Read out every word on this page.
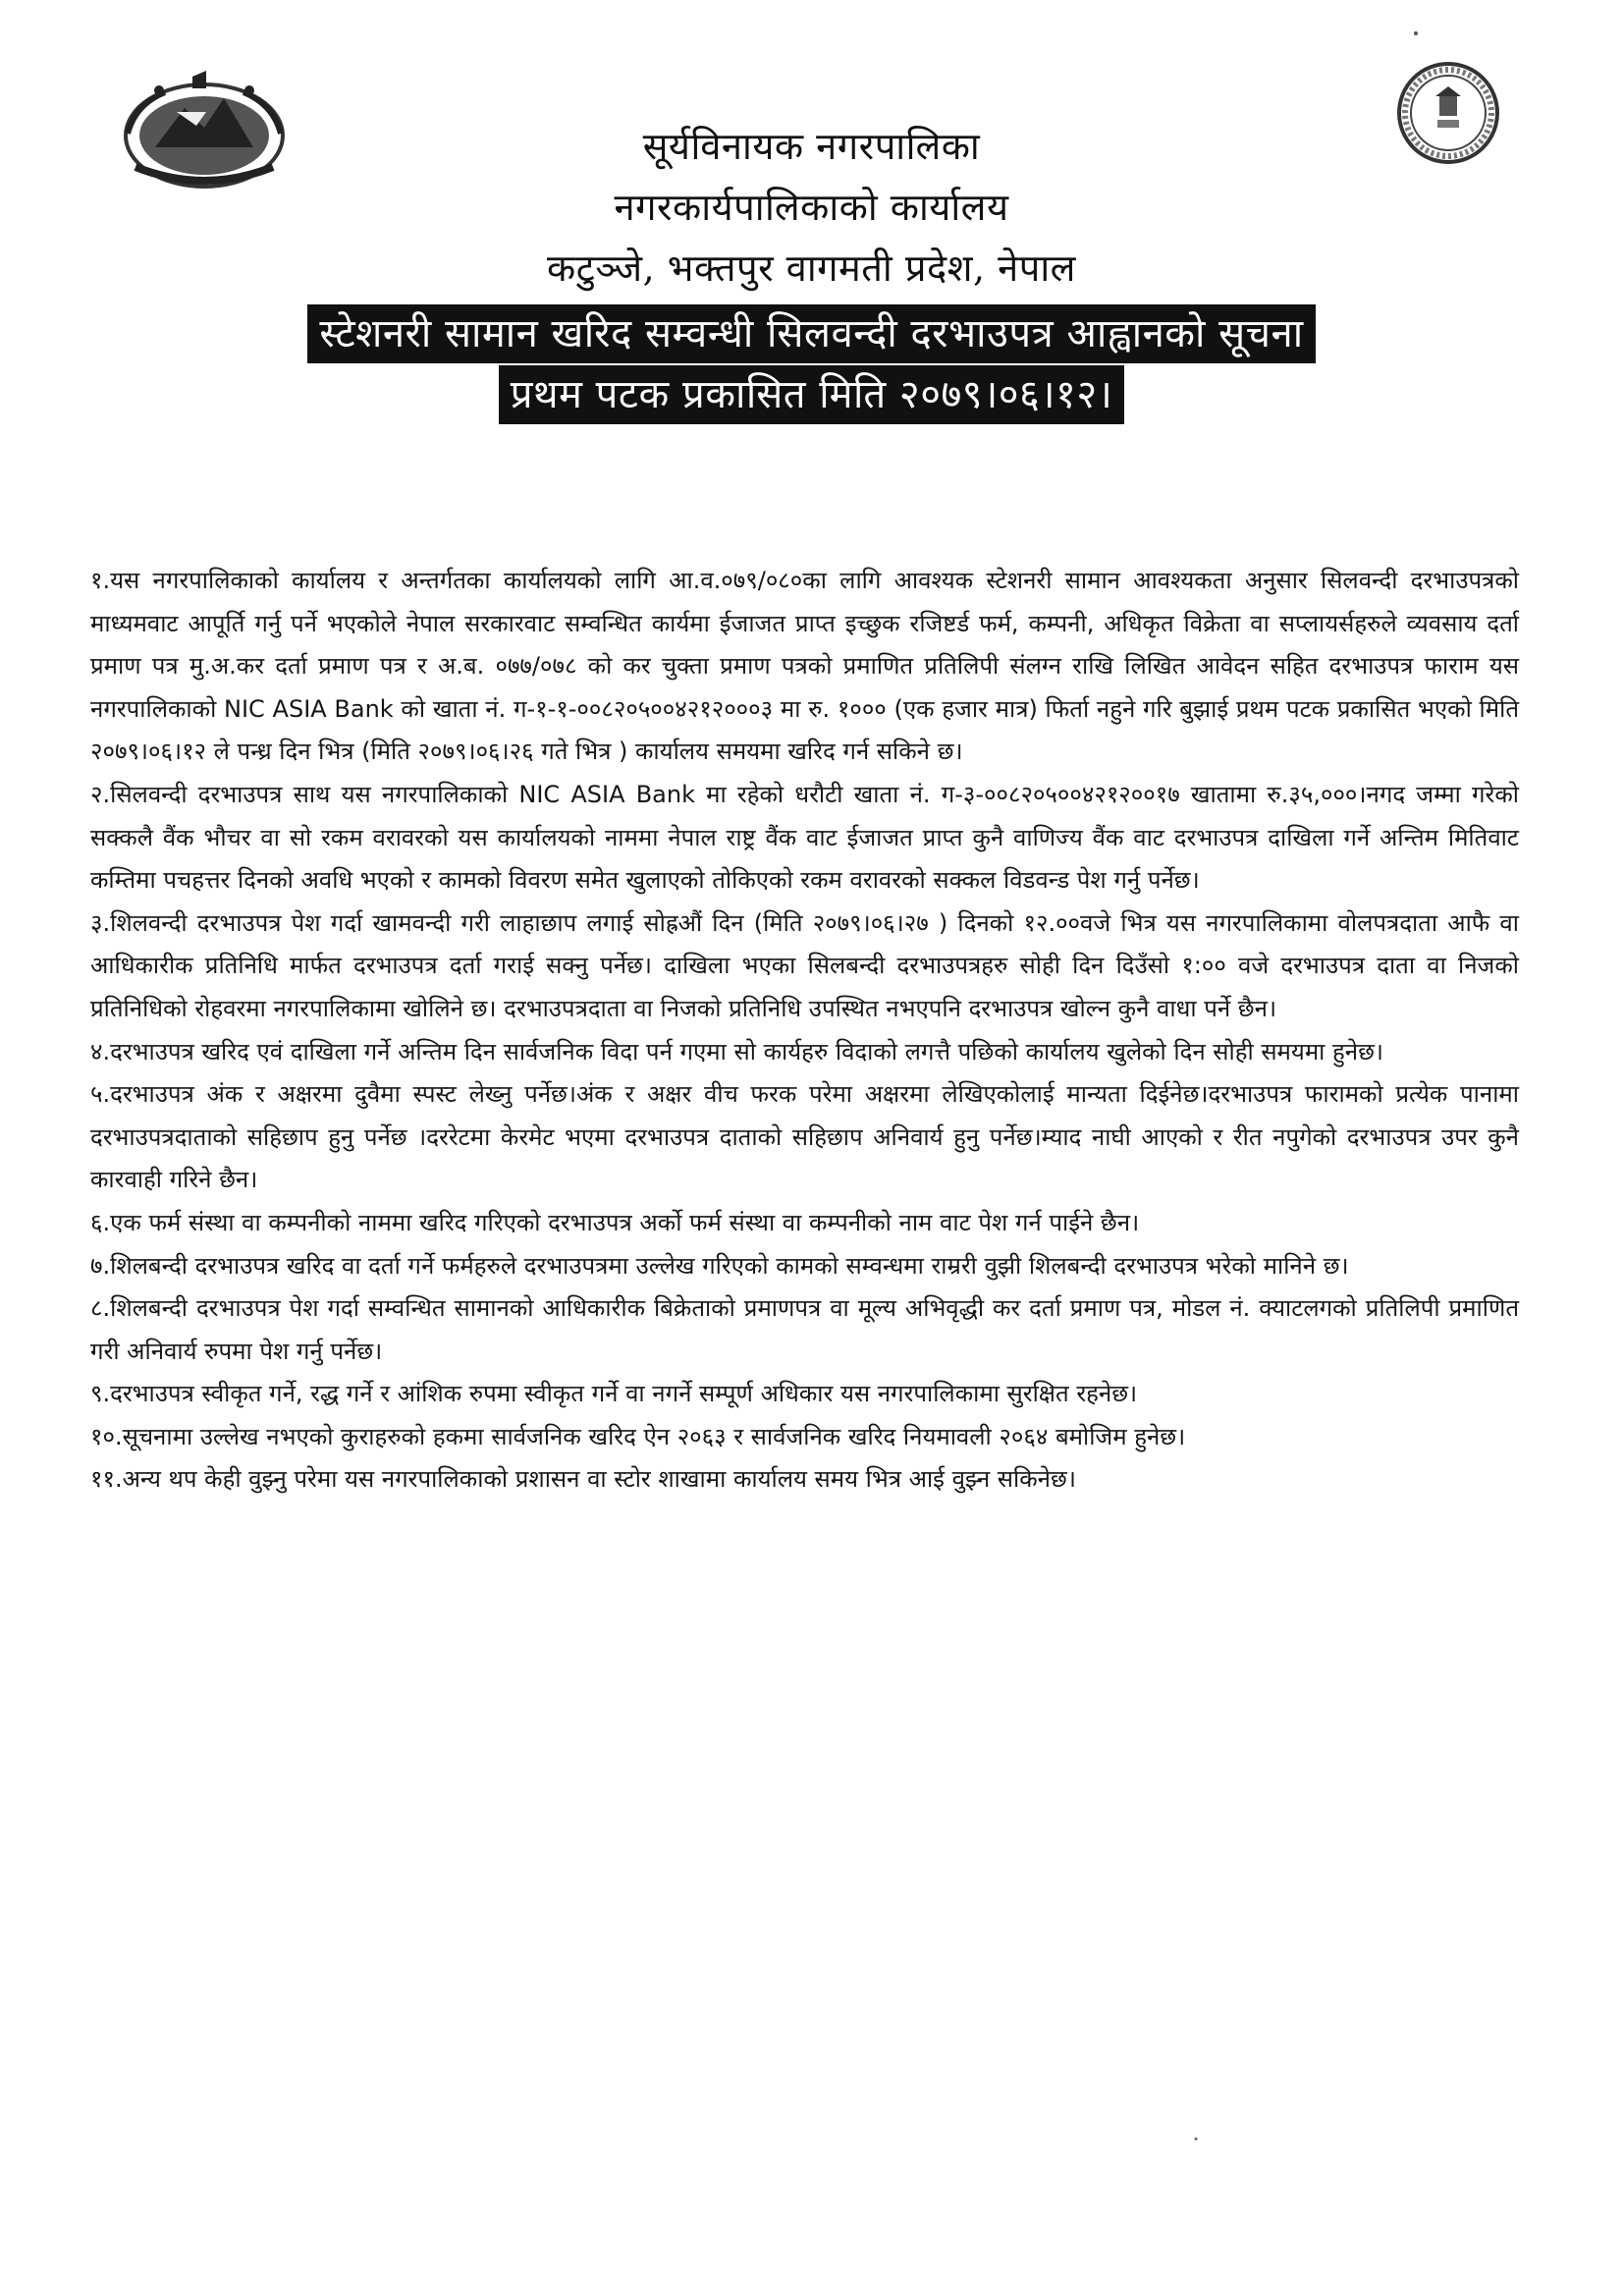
सूर्यविनायक नगरपालिका
नगरकार्यपालिकाको कार्यालय
कटुञ्जे, भक्तपुर वागमती प्रदेश, नेपाल
स्टेशनरी सामान खरिद सम्वन्धी सिलवन्दी दरभाउपत्र आह्वानको सूचना
प्रथम पटक प्रकासित मिति २०७९।०६।१२।

१.यस नगरपालिकाको कार्यालय र अन्तर्गतका कार्यालयको लागि आ.व.०७९/०८०का लागि आवश्यक स्टेशनरी सामान आवश्यकता अनुसार सिलवन्दी दरभाउपत्रको माध्यमवाट आपूर्ति गर्नु पर्ने भएकोले नेपाल सरकारवाट सम्वन्धित कार्यमा ईजाजत प्राप्त इच्छुक रजिष्टर्ड फर्म, कम्पनी, अधिकृत विक्रेता वा सप्लायर्सहरुले व्यवसाय दर्ता प्रमाण पत्र मु.अ.कर दर्ता प्रमाण पत्र र अ.ब. ०७७/०७८ को कर चुक्ता प्रमाण पत्रको प्रमाणित प्रतिलिपी संलग्न राखि लिखित आवेदन सहित दरभाउपत्र फाराम यस नगरपालिकाको NIC ASIA Bank को खाता नं. ग-१-१-००८२०५००४२१२०००३ मा रु. १००० (एक हजार मात्र) फिर्ता नहुने गरि बुझाई प्रथम पटक प्रकासित भएको मिति २०७९।०६।१२ ले पन्ध्र दिन भित्र (मिति २०७९।०६।२६ गते भित्र ) कार्यालय समयमा खरिद गर्न सकिने छ।

२.सिलवन्दी दरभाउपत्र साथ यस नगरपालिकाको NIC ASIA Bank मा रहेको धरौटी खाता नं. ग-३-००८२०५००४२१२००१७ खातामा रु.३५,०००।नगद जम्मा गरेको सक्कलै वैंक भौचर वा सो रकम वरावरको यस कार्यालयको नाममा नेपाल राष्ट्र वैंक वाट ईजाजत प्राप्त कुनै वाणिज्य वैंक वाट दरभाउपत्र दाखिला गर्ने अन्तिम मितिवाट कम्तिमा पचहत्तर दिनको अवधि भएको र कामको विवरण समेत खुलाएको तोकिएको रकम वरावरको सक्कल विडवन्ड पेश गर्नु पर्नेछ।

३.शिलवन्दी दरभाउपत्र पेश गर्दा खामवन्दी गरी लाहाछाप लगाई सोह्रऔं दिन (मिति २०७९।०६।२७ ) दिनको १२.००वजे भित्र यस नगरपालिकामा वोलपत्रदाता आफै वा आधिकारीक प्रतिनिधि मार्फत दरभाउपत्र दर्ता गराई सक्नु पर्नेछ। दाखिला भएका सिलबन्दी दरभाउपत्रहरु सोही दिन दिउँसो १:०० वजे दरभाउपत्र दाता वा निजको प्रतिनिधिको रोहवरमा नगरपालिकामा खोलिने छ। दरभाउपत्रदाता वा निजको प्रतिनिधि उपस्थित नभएपनि दरभाउपत्र खोल्न कुनै वाधा पर्ने छैन।

४.दरभाउपत्र खरिद एवं दाखिला गर्ने अन्तिम दिन सार्वजनिक विदा पर्न गएमा सो कार्यहरु विदाको लगत्तै पछिको कार्यालय खुलेको दिन सोही समयमा हुनेछ।

५.दरभाउपत्र अंक र अक्षरमा दुवैमा स्पस्ट लेख्नु पर्नेछ।अंक र अक्षर वीच फरक परेमा अक्षरमा लेखिएकोलाई मान्यता दिईनेछ।दरभाउपत्र फारामको प्रत्येक पानामा दरभाउपत्रदाताको सहिछाप हुनु पर्नेछ ।दररेटमा केरमेट भएमा दरभाउपत्र दाताको सहिछाप अनिवार्य हुनु पर्नेछ।म्याद नाघी आएको र रीत नपुगेको दरभाउपत्र उपर कुनै कारवाही गरिने छैन।

६.एक फर्म संस्था वा कम्पनीको नाममा खरिद गरिएको दरभाउपत्र अर्को फर्म संस्था वा कम्पनीको नाम वाट पेश गर्न पाईने छैन।

७.शिलबन्दी दरभाउपत्र खरिद वा दर्ता गर्ने फर्महरुले दरभाउपत्रमा उल्लेख गरिएको कामको सम्वन्धमा राम्ररी वुझी शिलबन्दी दरभाउपत्र भरेको मानिने छ।

८.शिलबन्दी दरभाउपत्र पेश गर्दा सम्वन्धित सामानको आधिकारीक बिक्रेताको प्रमाणपत्र वा मूल्य अभिवृद्धी कर दर्ता प्रमाण पत्र, मोडल नं. क्याटलगको प्रतिलिपी प्रमाणित गरी अनिवार्य रुपमा पेश गर्नु पर्नेछ।

९.दरभाउपत्र स्वीकृत गर्ने, रद्ध गर्ने र आंशिक रुपमा स्वीकृत गर्ने वा नगर्ने सम्पूर्ण अधिकार यस नगरपालिकामा सुरक्षित रहनेछ।

१०.सूचनामा उल्लेख नभएको कुराहरुको हकमा सार्वजनिक खरिद ऐन २०६३ र सार्वजनिक खरिद नियमावली २०६४ बमोजिम हुनेछ।

११.अन्य थप केही वुझ्नु परेमा यस नगरपालिकाको प्रशासन वा स्टोर शाखामा कार्यालय समय भित्र आई वुझ्न सकिनेछ।
